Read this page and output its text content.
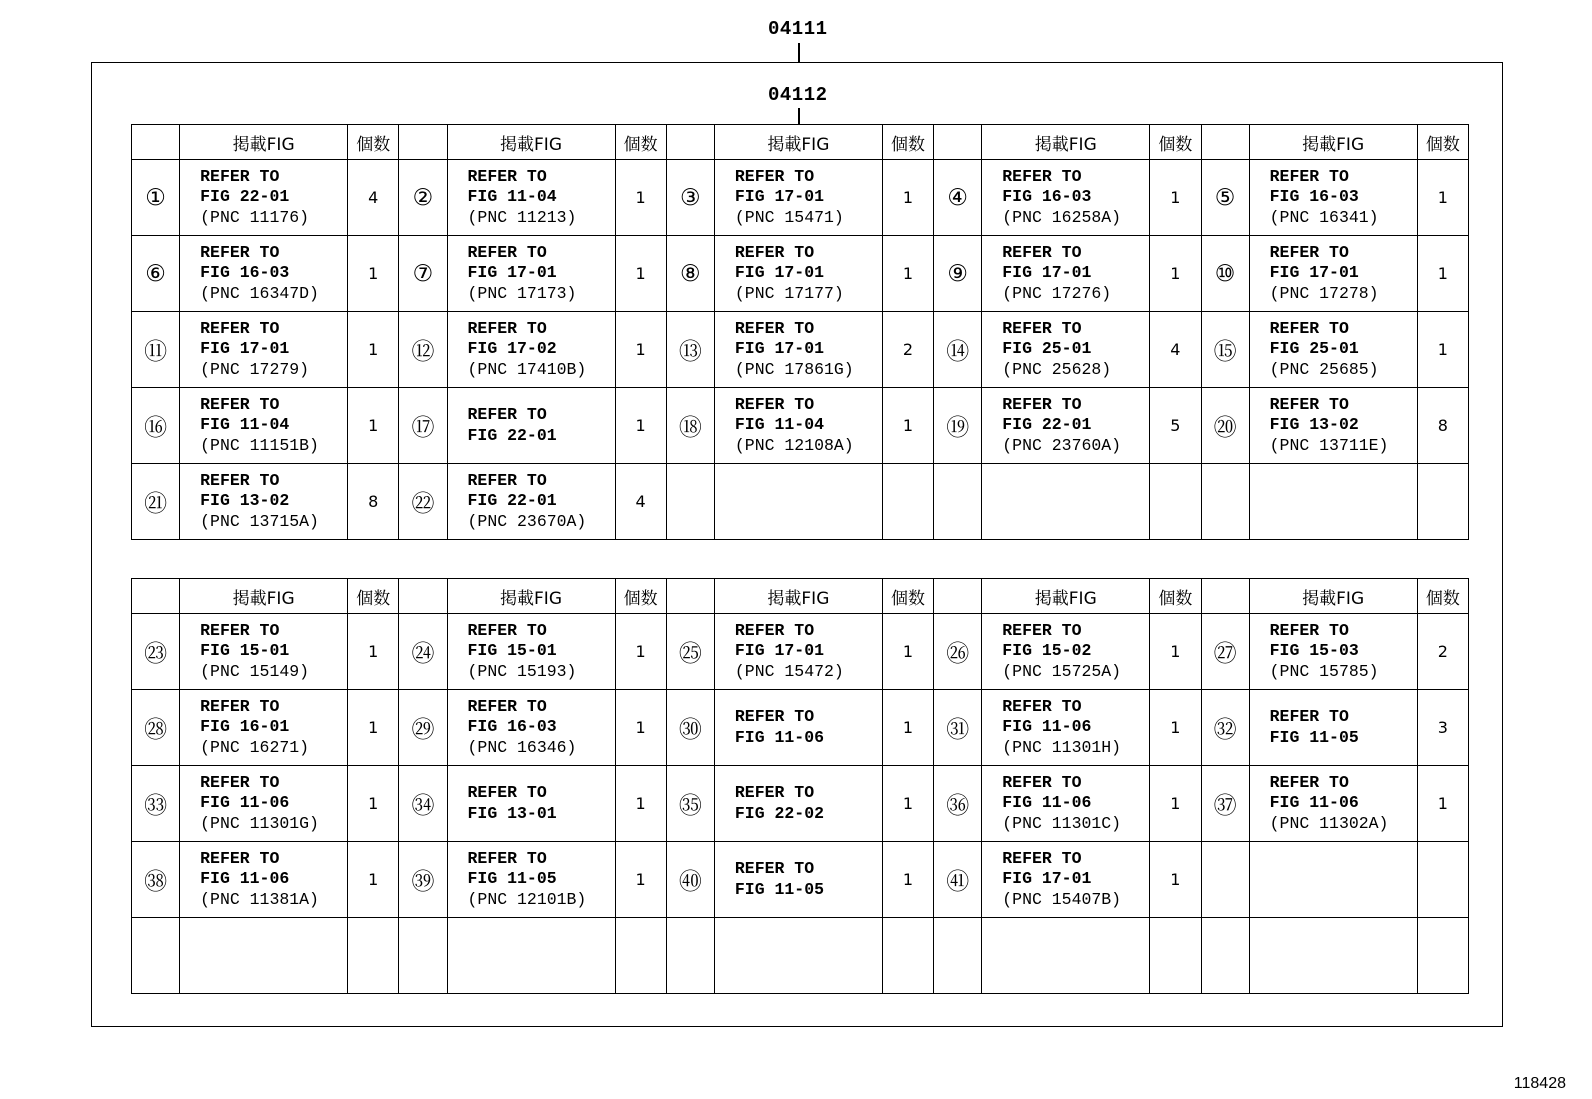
04111
04112
	掲載FIG	個数		掲載FIG	個数		掲載FIG	個数		掲載FIG	個数		掲載FIG	個数
①	REFER TO
FIG 22-01
(PNC 11176)	4	②	REFER TO
FIG 11-04
(PNC 11213)	1	③	REFER TO
FIG 17-01
(PNC 15471)	1	④	REFER TO
FIG 16-03
(PNC 16258A)	1	⑤	REFER TO
FIG 16-03
(PNC 16341)	1
⑥	REFER TO
FIG 16-03
(PNC 16347D)	1	⑦	REFER TO
FIG 17-01
(PNC 17173)	1	⑧	REFER TO
FIG 17-01
(PNC 17177)	1	⑨	REFER TO
FIG 17-01
(PNC 17276)	1	⑩	REFER TO
FIG 17-01
(PNC 17278)	1
⑪	REFER TO
FIG 17-01
(PNC 17279)	1	⑫	REFER TO
FIG 17-02
(PNC 17410B)	1	⑬	REFER TO
FIG 17-01
(PNC 17861G)	2	⑭	REFER TO
FIG 25-01
(PNC 25628)	4	⑮	REFER TO
FIG 25-01
(PNC 25685)	1
⑯	REFER TO
FIG 11-04
(PNC 11151B)	1	⑰	REFER TO
FIG 22-01	1	⑱	REFER TO
FIG 11-04
(PNC 12108A)	1	⑲	REFER TO
FIG 22-01
(PNC 23760A)	5	⑳	REFER TO
FIG 13-02
(PNC 13711E)	8
㉑	REFER TO
FIG 13-02
(PNC 13715A)	8	㉒	REFER TO
FIG 22-01
(PNC 23670A)	4		

	掲載FIG	個数		掲載FIG	個数		掲載FIG	個数		掲載FIG	個数		掲載FIG	個数
㉓	REFER TO
FIG 15-01
(PNC 15149)	1	㉔	REFER TO
FIG 15-01
(PNC 15193)	1	㉕	REFER TO
FIG 17-01
(PNC 15472)	1	㉖	REFER TO
FIG 15-02
(PNC 15725A)	1	㉗	REFER TO
FIG 15-03
(PNC 15785)	2
㉘	REFER TO
FIG 16-01
(PNC 16271)	1	㉙	REFER TO
FIG 16-03
(PNC 16346)	1	㉚	REFER TO
FIG 11-06	1	㉛	REFER TO
FIG 11-06
(PNC 11301H)	1	㉜	REFER TO
FIG 11-05	3
㉝	REFER TO
FIG 11-06
(PNC 11301G)	1	㉞	REFER TO
FIG 13-01	1	㉟	REFER TO
FIG 22-02	1	㊱	REFER TO
FIG 11-06
(PNC 11301C)	1	㊲	REFER TO
FIG 11-06
(PNC 11302A)	1
㊳	REFER TO
FIG 11-06
(PNC 11381A)	1	㊴	REFER TO
FIG 11-05
(PNC 12101B)	1	㊵	REFER TO
FIG 11-05	1	㊶	REFER TO
FIG 17-01
(PNC 15407B)	1		

118428
